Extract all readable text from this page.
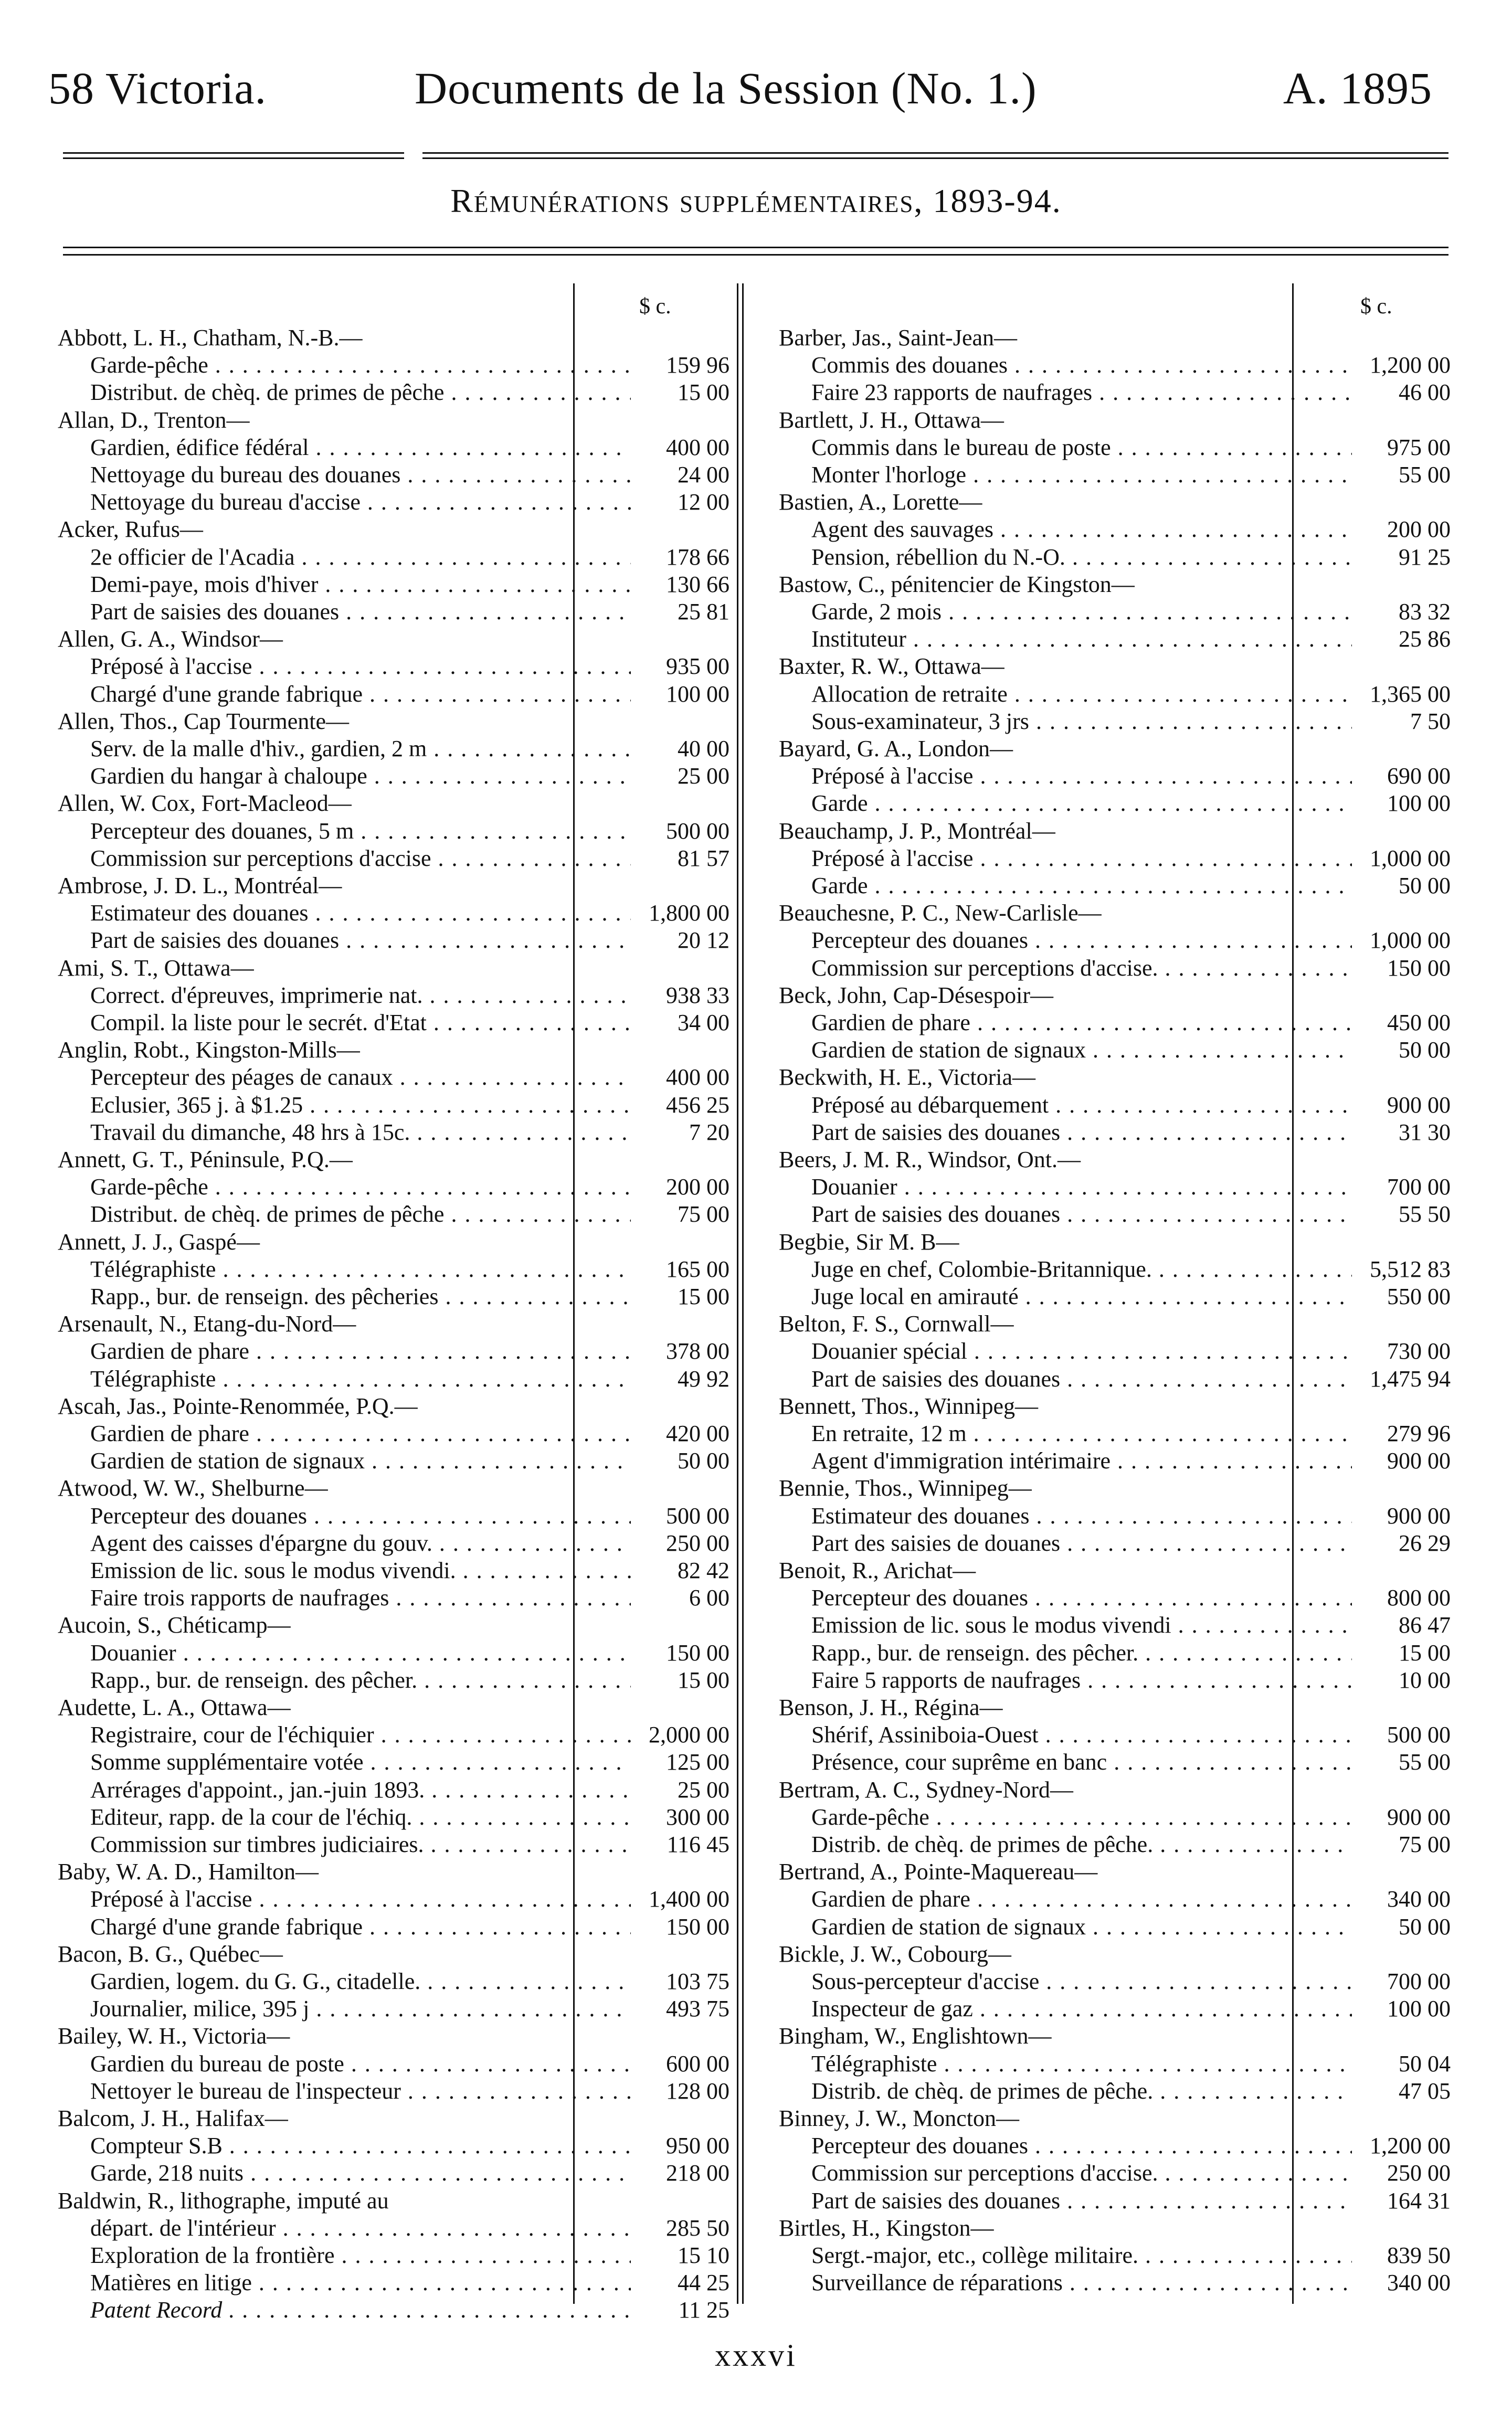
58 Victoria.	Documents de la Session (No. 1.)	A. 1895
Rémunérations supplémentaires, 1893-94.
$ c.
Abbott, L. H., Chatham, N.-B.—
Garde-pêche . . .	159 96
Distribut. de chèq. de primes de pêche . . .	15 00
Allan, D., Trenton—
Gardien, édifice fédéral . . .	400 00
Nettoyage du bureau des douanes . . .	24 00
Nettoyage du bureau d'accise . . .	12 00
Acker, Rufus—
2e officier de l'Acadia . . .	178 66
Demi-paye, mois d'hiver . . .	130 66
Part de saisies des douanes . . .	25 81
Allen, G. A., Windsor—
Préposé à l'accise . . .	935 00
Chargé d'une grande fabrique . . .	100 00
Allen, Thos., Cap Tourmente—
Serv. de la malle d'hiv., gardien, 2 m . . .	40 00
Gardien du hangar à chaloupe . . .	25 00
Allen, W. Cox, Fort-Macleod—
Percepteur des douanes, 5 m . . .	500 00
Commission sur perceptions d'accise . . .	81 57
Ambrose, J. D. L., Montréal—
Estimateur des douanes . . .	1,800 00
Part de saisies des douanes . . .	20 12
Ami, S. T., Ottawa—
Correct. d'épreuves, imprimerie nat. . . .	938 33
Compil. la liste pour le secrét. d'Etat . . .	34 00
Anglin, Robt., Kingston-Mills—
Percepteur des péages de canaux . . .	400 00
Eclusier, 365 j. à $1.25 . . .	456 25
Travail du dimanche, 48 hrs à 15c. . . .	7 20
Annett, G. T., Péninsule, P.Q.—
Garde-pêche . . .	200 00
Distribut. de chèq. de primes de pêche . . .	75 00
Annett, J. J., Gaspé—
Télégraphiste . . .	165 00
Rapp., bur. de renseign. des pêcheries . . .	15 00
Arsenault, N., Etang-du-Nord—
Gardien de phare . . .	378 00
Télégraphiste . . .	49 92
Ascah, Jas., Pointe-Renommée, P.Q.—
Gardien de phare . . .	420 00
Gardien de station de signaux . . .	50 00
Atwood, W. W., Shelburne—
Percepteur des douanes . . .	500 00
Agent des caisses d'épargne du gouv. . . .	250 00
Emission de lic. sous le modus vivendi. . . .	82 42
Faire trois rapports de naufrages . . .	6 00
Aucoin, S., Chéticamp—
Douanier . . .	150 00
Rapp., bur. de renseign. des pêcher. . . .	15 00
Audette, L. A., Ottawa—
Registraire, cour de l'échiquier . . .	2,000 00
Somme supplémentaire votée . . .	125 00
Arrérages d'appoint., jan.-juin 1893. . . .	25 00
Editeur, rapp. de la cour de l'échiq. . . .	300 00
Commission sur timbres judiciaires. . . .	116 45
Baby, W. A. D., Hamilton—
Préposé à l'accise . . .	1,400 00
Chargé d'une grande fabrique . . .	150 00
Bacon, B. G., Québec—
Gardien, logem. du G. G., citadelle. . . .	103 75
Journalier, milice, 395 j . . .	493 75
Bailey, W. H., Victoria—
Gardien du bureau de poste . . .	600 00
Nettoyer le bureau de l'inspecteur . . .	128 00
Balcom, J. H., Halifax—
Compteur S.B . . .	950 00
Garde, 218 nuits . . .	218 00
Baldwin, R., lithographe, imputé au
départ. de l'intérieur . . .	285 50
Exploration de la frontière . . .	15 10
Matières en litige . . .	44 25
Patent Record . . .	11 25
$ c.
Barber, Jas., Saint-Jean—
Commis des douanes . . .	1,200 00
Faire 23 rapports de naufrages . . .	46 00
Bartlett, J. H., Ottawa—
Commis dans le bureau de poste . . .	975 00
Monter l'horloge . . .	55 00
Bastien, A., Lorette—
Agent des sauvages . . .	200 00
Pension, rébellion du N.-O. . . .	91 25
Bastow, C., pénitencier de Kingston—
Garde, 2 mois . . .	83 32
Instituteur . . .	25 86
Baxter, R. W., Ottawa—
Allocation de retraite . . .	1,365 00
Sous-examinateur, 3 jrs . . .	7 50
Bayard, G. A., London—
Préposé à l'accise . . .	690 00
Garde . . .	100 00
Beauchamp, J. P., Montréal—
Préposé à l'accise . . .	1,000 00
Garde . . .	50 00
Beauchesne, P. C., New-Carlisle—
Percepteur des douanes . . .	1,000 00
Commission sur perceptions d'accise. . . .	150 00
Beck, John, Cap-Désespoir—
Gardien de phare . . .	450 00
Gardien de station de signaux . . .	50 00
Beckwith, H. E., Victoria—
Préposé au débarquement . . .	900 00
Part de saisies des douanes . . .	31 30
Beers, J. M. R., Windsor, Ont.—
Douanier . . .	700 00
Part de saisies des douanes . . .	55 50
Begbie, Sir M. B—
Juge en chef, Colombie-Britannique. . . .	5,512 83
Juge local en amirauté . . .	550 00
Belton, F. S., Cornwall—
Douanier spécial . . .	730 00
Part de saisies des douanes . . .	1,475 94
Bennett, Thos., Winnipeg—
En retraite, 12 m . . .	279 96
Agent d'immigration intérimaire . . .	900 00
Bennie, Thos., Winnipeg—
Estimateur des douanes . . .	900 00
Part des saisies de douanes . . .	26 29
Benoit, R., Arichat—
Percepteur des douanes . . .	800 00
Emission de lic. sous le modus vivendi . . .	86 47
Rapp., bur. de renseign. des pêcher. . . .	15 00
Faire 5 rapports de naufrages . . .	10 00
Benson, J. H., Régina—
Shérif, Assiniboia-Ouest . . .	500 00
Présence, cour suprême en banc . . .	55 00
Bertram, A. C., Sydney-Nord—
Garde-pêche . . .	900 00
Distrib. de chèq. de primes de pêche. . . .	75 00
Bertrand, A., Pointe-Maquereau—
Gardien de phare . . .	340 00
Gardien de station de signaux . . .	50 00
Bickle, J. W., Cobourg—
Sous-percepteur d'accise . . .	700 00
Inspecteur de gaz . . .	100 00
Bingham, W., Englishtown—
Télégraphiste . . .	50 04
Distrib. de chèq. de primes de pêche. . . .	47 05
Binney, J. W., Moncton—
Percepteur des douanes . . .	1,200 00
Commission sur perceptions d'accise. . . .	250 00
Part de saisies des douanes . . .	164 31
Birtles, H., Kingston—
Sergt.-major, etc., collège militaire. . . .	839 50
Surveillance de réparations . . .	340 00
xxxvi
